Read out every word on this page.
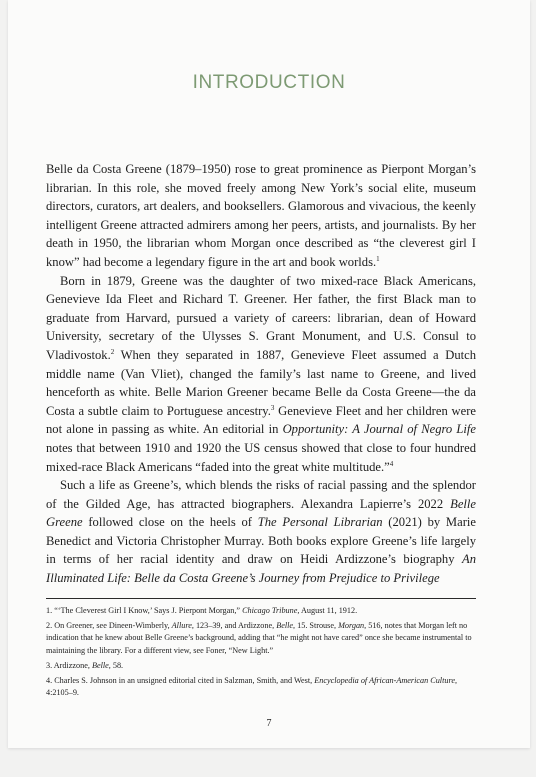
INTRODUCTION

Belle da Costa Greene (1879–1950) rose to great prominence as Pierpont Morgan’s librarian. In this role, she moved freely among New York’s social elite, museum directors, curators, art dealers, and booksellers. Glamorous and vivacious, the keenly intelligent Greene attracted admirers among her peers, artists, and journalists. By her death in 1950, the librarian whom Morgan once described as “the cleverest girl I know” had become a legendary figure in the art and book worlds.$^1$

Born in 1879, Greene was the daughter of two mixed-race Black Americans, Genevieve Ida Fleet and Richard T. Greener. Her father, the first Black man to graduate from Harvard, pursued a variety of careers: librarian, dean of Howard University, secretary of the Ulysses S. Grant Monument, and U.S. Consul to Vladivostok.$^2$ When they separated in 1887, Genevieve Fleet assumed a Dutch middle name (Van Vliet), changed the family’s last name to Greene, and lived henceforth as white. Belle Marion Greener became Belle da Costa Greene—the da Costa a subtle claim to Portuguese ancestry.$^3$ Genevieve Fleet and her children were not alone in passing as white. An editorial in Opportunity: A Journal of Negro Life notes that between 1910 and 1920 the US census showed that close to four hundred mixed-race Black Americans “faded into the great white multitude.”$^4$

Such a life as Greene’s, which blends the risks of racial passing and the splendor of the Gilded Age, has attracted biographers. Alexandra Lapierre’s 2022 Belle Greene followed close on the heels of The Personal Librarian (2021) by Marie Benedict and Victoria Christopher Murray. Both books explore Greene’s life largely in terms of her racial identity and draw on Heidi Ardizzone’s biography An Illuminated Life: Belle da Costa Greene’s Journey from Prejudice to Privilege

1. “‘The Cleverest Girl I Know,’ Says J. Pierpont Morgan,” Chicago Tribune, August 11, 1912.

2. On Greener, see Dineen-Wimberly, Allure, 123–39, and Ardizzone, Belle, 15. Strouse, Morgan, 516, notes that Morgan left no indication that he knew about Belle Greene’s background, adding that “he might not have cared” once she became instrumental to maintaining the library. For a different view, see Foner, “New Light.”

3. Ardizzone, Belle, 58.

4. Charles S. Johnson in an unsigned editorial cited in Salzman, Smith, and West, Encyclopedia of African-American Culture, 4:2105–9.

7
